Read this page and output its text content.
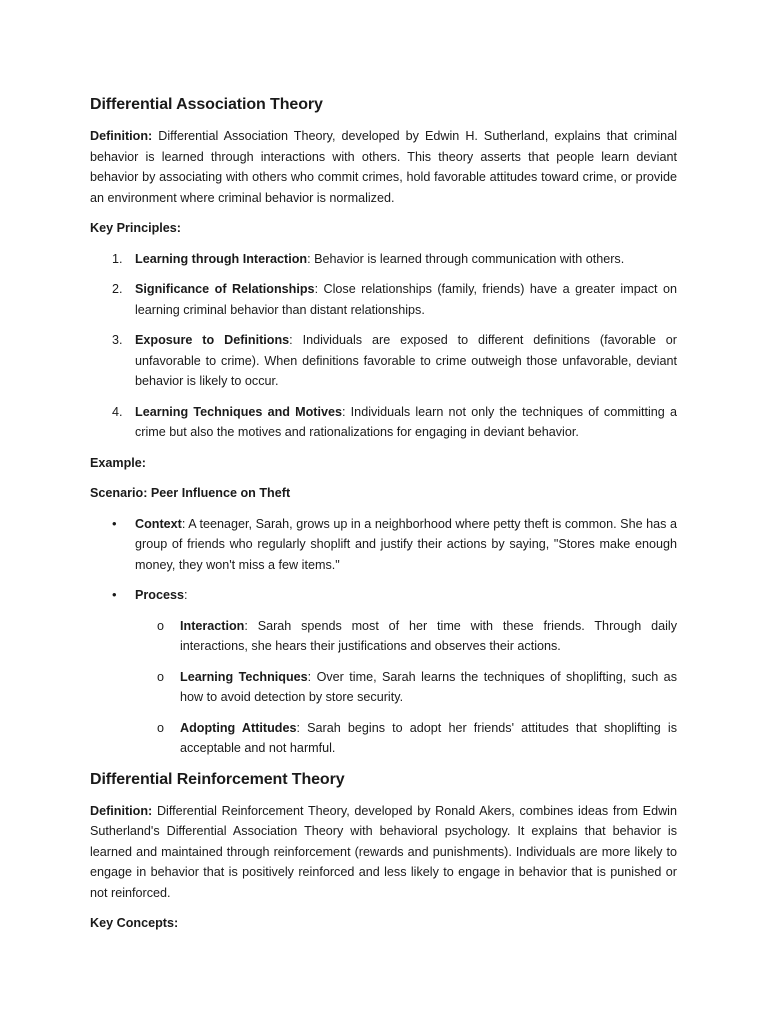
Differential Association Theory

Definition: Differential Association Theory, developed by Edwin H. Sutherland, explains that criminal behavior is learned through interactions with others. This theory asserts that people learn deviant behavior by associating with others who commit crimes, hold favorable attitudes toward crime, or provide an environment where criminal behavior is normalized.

Key Principles:
1. Learning through Interaction: Behavior is learned through communication with others.
2. Significance of Relationships: Close relationships (family, friends) have a greater impact on learning criminal behavior than distant relationships.
3. Exposure to Definitions: Individuals are exposed to different definitions (favorable or unfavorable to crime). When definitions favorable to crime outweigh those unfavorable, deviant behavior is likely to occur.
4. Learning Techniques and Motives: Individuals learn not only the techniques of committing a crime but also the motives and rationalizations for engaging in deviant behavior.
Example:
Scenario: Peer Influence on Theft
• Context: A teenager, Sarah, grows up in a neighborhood where petty theft is common. She has a group of friends who regularly shoplift and justify their actions by saying, "Stores make enough money, they won't miss a few items."
• Process:
o Interaction: Sarah spends most of her time with these friends. Through daily interactions, she hears their justifications and observes their actions.
o Learning Techniques: Over time, Sarah learns the techniques of shoplifting, such as how to avoid detection by store security.
o Adopting Attitudes: Sarah begins to adopt her friends' attitudes that shoplifting is acceptable and not harmful.
Differential Reinforcement Theory

Definition: Differential Reinforcement Theory, developed by Ronald Akers, combines ideas from Edwin Sutherland's Differential Association Theory with behavioral psychology. It explains that behavior is learned and maintained through reinforcement (rewards and punishments). Individuals are more likely to engage in behavior that is positively reinforced and less likely to engage in behavior that is punished or not reinforced.

Key Concepts:
